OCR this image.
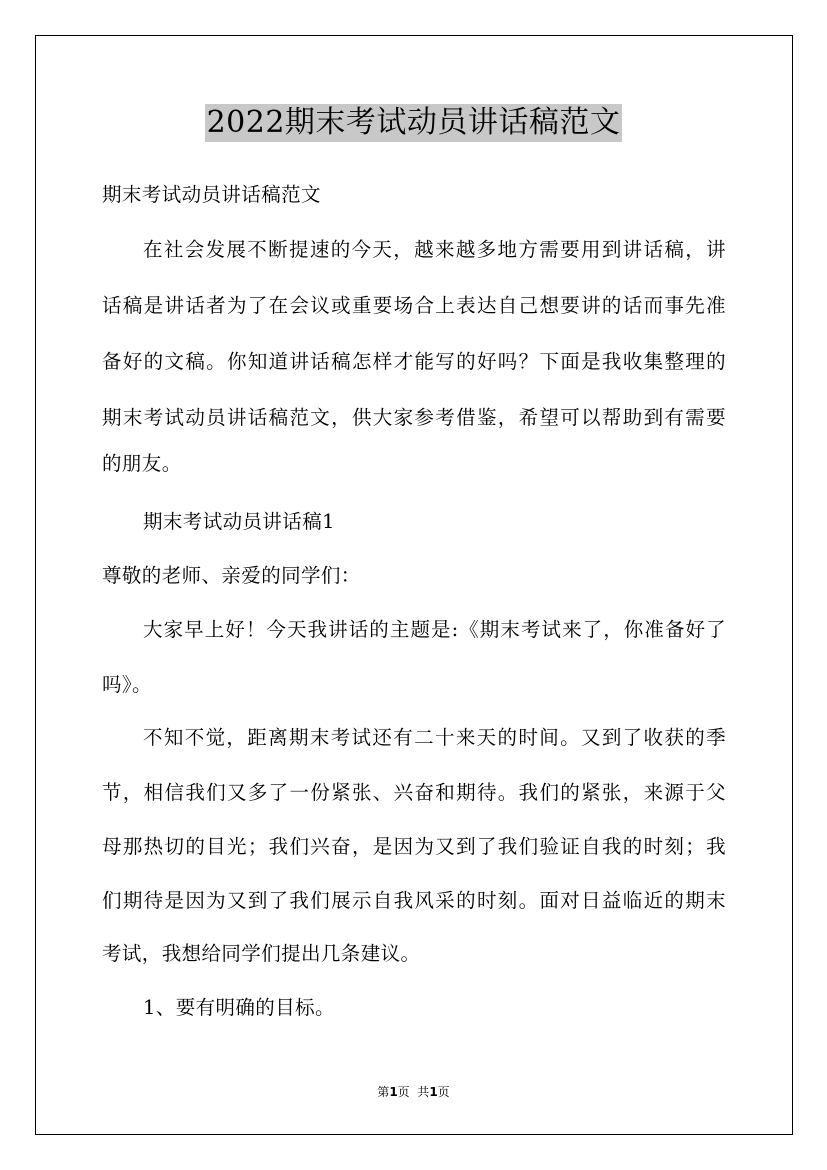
2022期末考试动员讲话稿范文
期末考试动员讲话稿范文
在社会发展不断提速的今天，越来越多地方需要用到讲话稿，讲
话稿是讲话者为了在会议或重要场合上表达自己想要讲的话而事先准
备好的文稿。你知道讲话稿怎样才能写的好吗？下面是我收集整理的
期末考试动员讲话稿范文，供大家参考借鉴，希望可以帮助到有需要
的朋友。
期末考试动员讲话稿1
尊敬的老师、亲爱的同学们：
大家早上好！今天我讲话的主题是:《期末考试来了，你准备好了
吗》。
不知不觉，距离期末考试还有二十来天的时间。又到了收获的季
节，相信我们又多了一份紧张、兴奋和期待。我们的紧张，来源于父
母那热切的目光；我们兴奋，是因为又到了我们验证自我的时刻；我
们期待是因为又到了我们展示自我风采的时刻。面对日益临近的期末
考试，我想给同学们提出几条建议。
1、要有明确的目标。
第1页  共1页
